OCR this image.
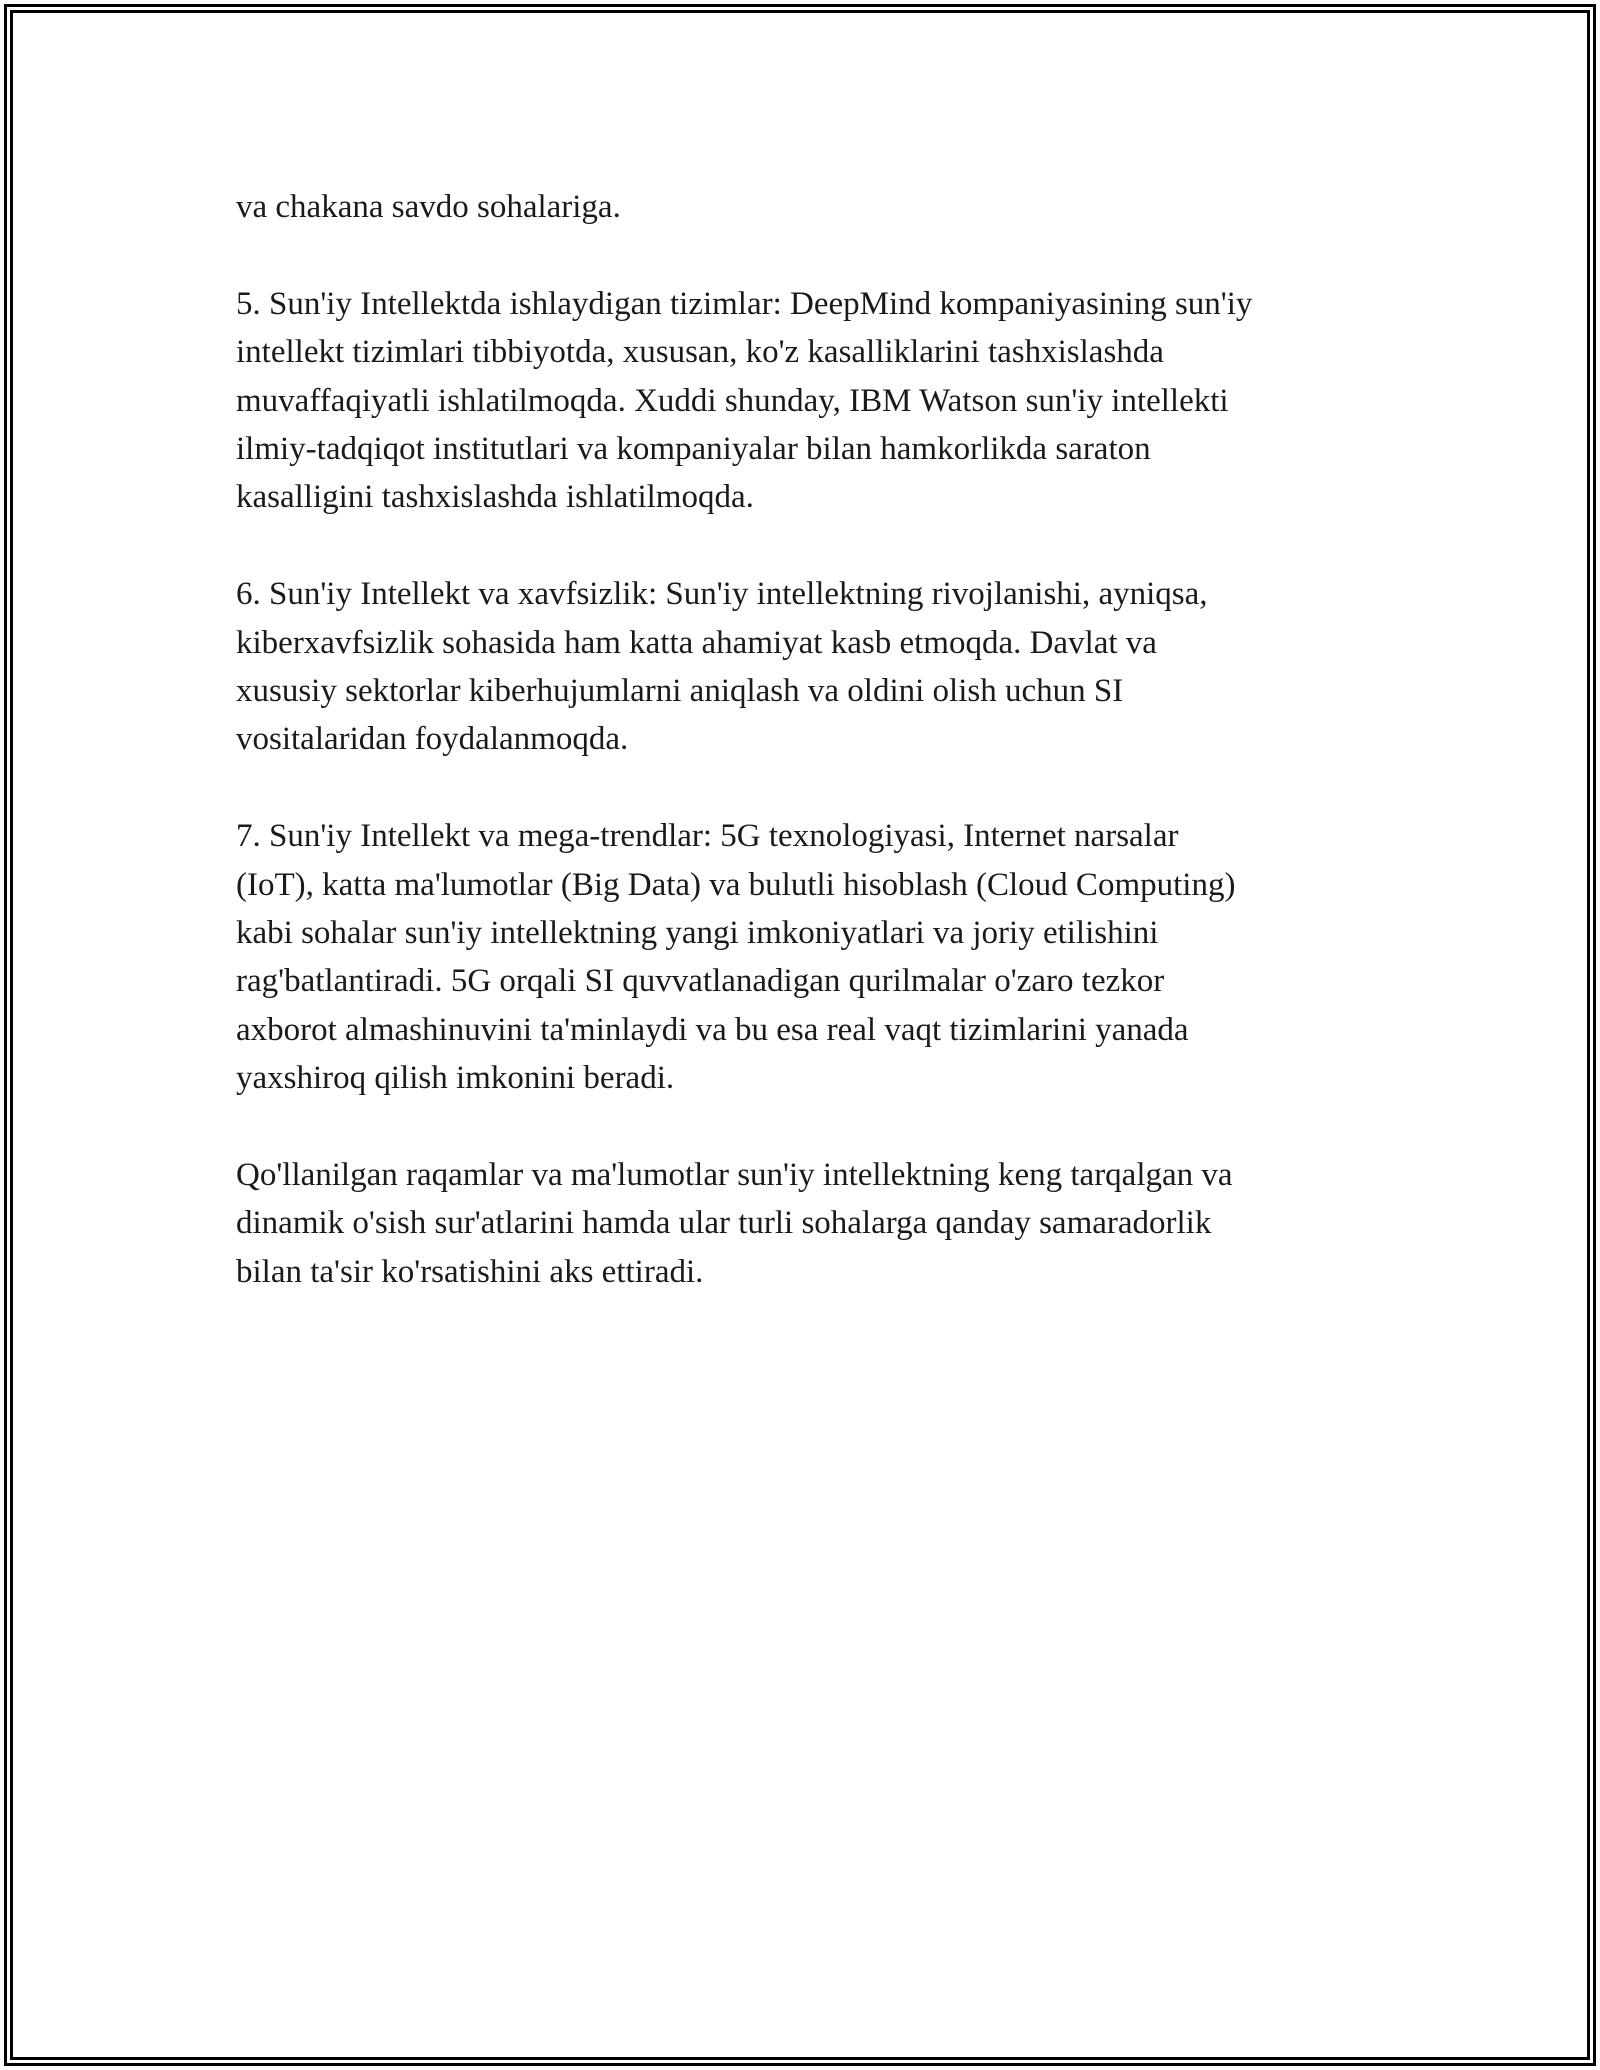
va chakana savdo sohalariga.

5. Sun'iy Intellektda ishlaydigan tizimlar: DeepMind kompaniyasining sun'iy
intellekt tizimlari tibbiyotda, xususan, ko'z kasalliklarini tashxislashda
muvaffaqiyatli ishlatilmoqda. Xuddi shunday, IBM Watson sun'iy intellekti
ilmiy-tadqiqot institutlari va kompaniyalar bilan hamkorlikda saraton
kasalligini tashxislashda ishlatilmoqda.

6. Sun'iy Intellekt va xavfsizlik: Sun'iy intellektning rivojlanishi, ayniqsa,
kiberxavfsizlik sohasida ham katta ahamiyat kasb etmoqda. Davlat va
xususiy sektorlar kiberhujumlarni aniqlash va oldini olish uchun SI
vositalaridan foydalanmoqda.

7. Sun'iy Intellekt va mega-trendlar: 5G texnologiyasi, Internet narsalar
(IoT), katta ma'lumotlar (Big Data) va bulutli hisoblash (Cloud Computing)
kabi sohalar sun'iy intellektning yangi imkoniyatlari va joriy etilishini
rag'batlantiradi. 5G orqali SI quvvatlanadigan qurilmalar o'zaro tezkor
axborot almashinuvini ta'minlaydi va bu esa real vaqt tizimlarini yanada
yaxshiroq qilish imkonini beradi.

Qo'llanilgan raqamlar va ma'lumotlar sun'iy intellektning keng tarqalgan va
dinamik o'sish sur'atlarini hamda ular turli sohalarga qanday samaradorlik
bilan ta'sir ko'rsatishini aks ettiradi.
